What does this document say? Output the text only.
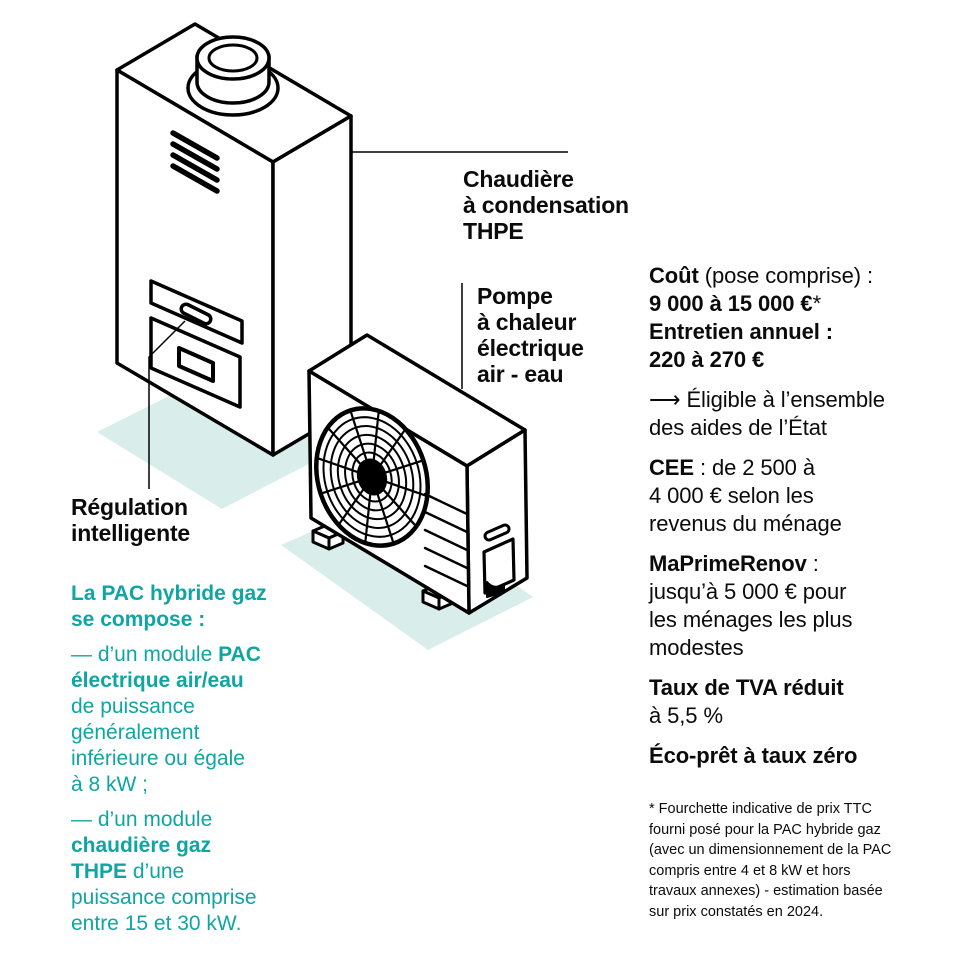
Chaudière
à condensation
THPE
Pompe
à chaleur
électrique
air - eau
Régulation
intelligente
La PAC hybride gaz
se compose :
— d’un module PAC
électrique air/eau
de puissance
généralement
inférieure ou égale
à 8 kW ;
— d’un module
chaudière gaz
THPE d’une
puissance comprise
entre 15 et 30 kW.
Coût (pose comprise) :
9 000 à 15 000 €*
Entretien annuel :
220 à 270 €
⟶ Éligible à l’ensemble
des aides de l’État
CEE : de 2 500 à
4 000 € selon les
revenus du ménage
MaPrimeRenov :
jusqu’à 5 000 € pour
les ménages les plus
modestes
Taux de TVA réduit
à 5,5 %
Éco-prêt à taux zéro
* Fourchette indicative de prix TTC
fourni posé pour la PAC hybride gaz
(avec un dimensionnement de la PAC
compris entre 4 et 8 kW et hors
travaux annexes) - estimation basée
sur prix constatés en 2024.
